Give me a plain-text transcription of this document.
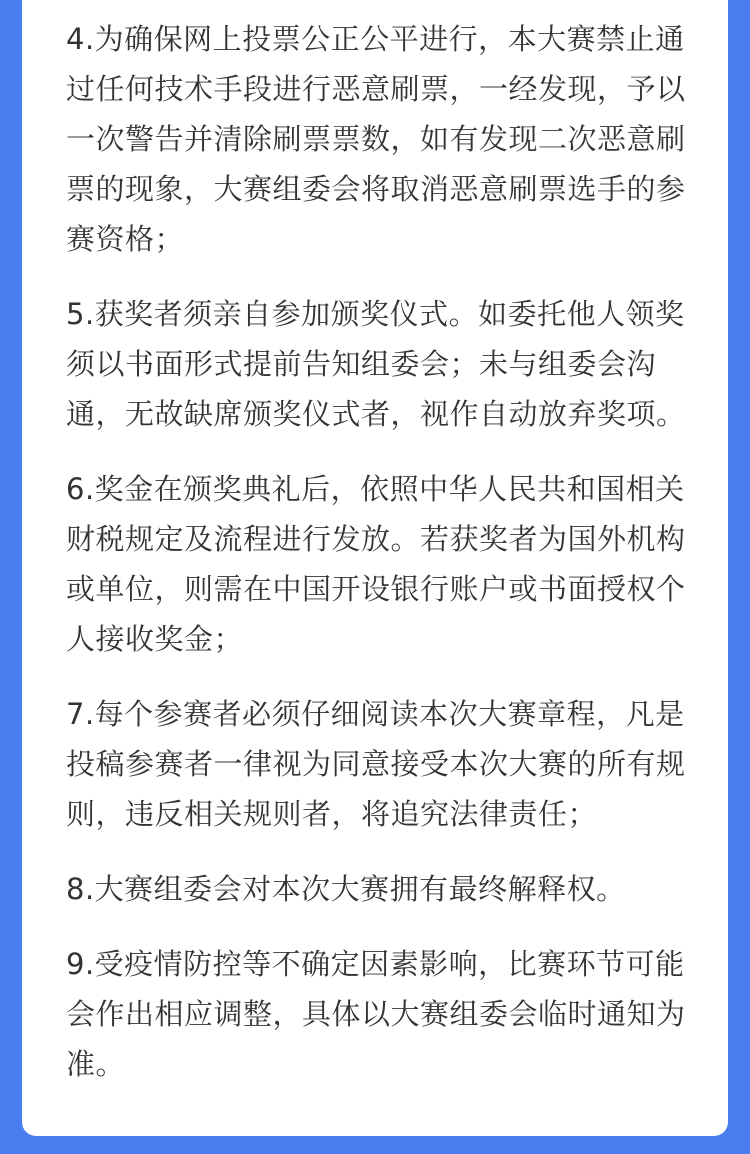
4.为确保网上投票公正公平进行，本大赛禁止通过任何技术手段进行恶意刷票，一经发现，予以一次警告并清除刷票票数，如有发现二次恶意刷票的现象，大赛组委会将取消恶意刷票选手的参赛资格；

5.获奖者须亲自参加颁奖仪式。如委托他人领奖须以书面形式提前告知组委会；未与组委会沟通，无故缺席颁奖仪式者，视作自动放弃奖项。

6.奖金在颁奖典礼后，依照中华人民共和国相关财税规定及流程进行发放。若获奖者为国外机构或单位，则需在中国开设银行账户或书面授权个人接收奖金；

7.每个参赛者必须仔细阅读本次大赛章程，凡是投稿参赛者一律视为同意接受本次大赛的所有规则，违反相关规则者，将追究法律责任；

8.大赛组委会对本次大赛拥有最终解释权。

9.受疫情防控等不确定因素影响，比赛环节可能会作出相应调整，具体以大赛组委会临时通知为准。
